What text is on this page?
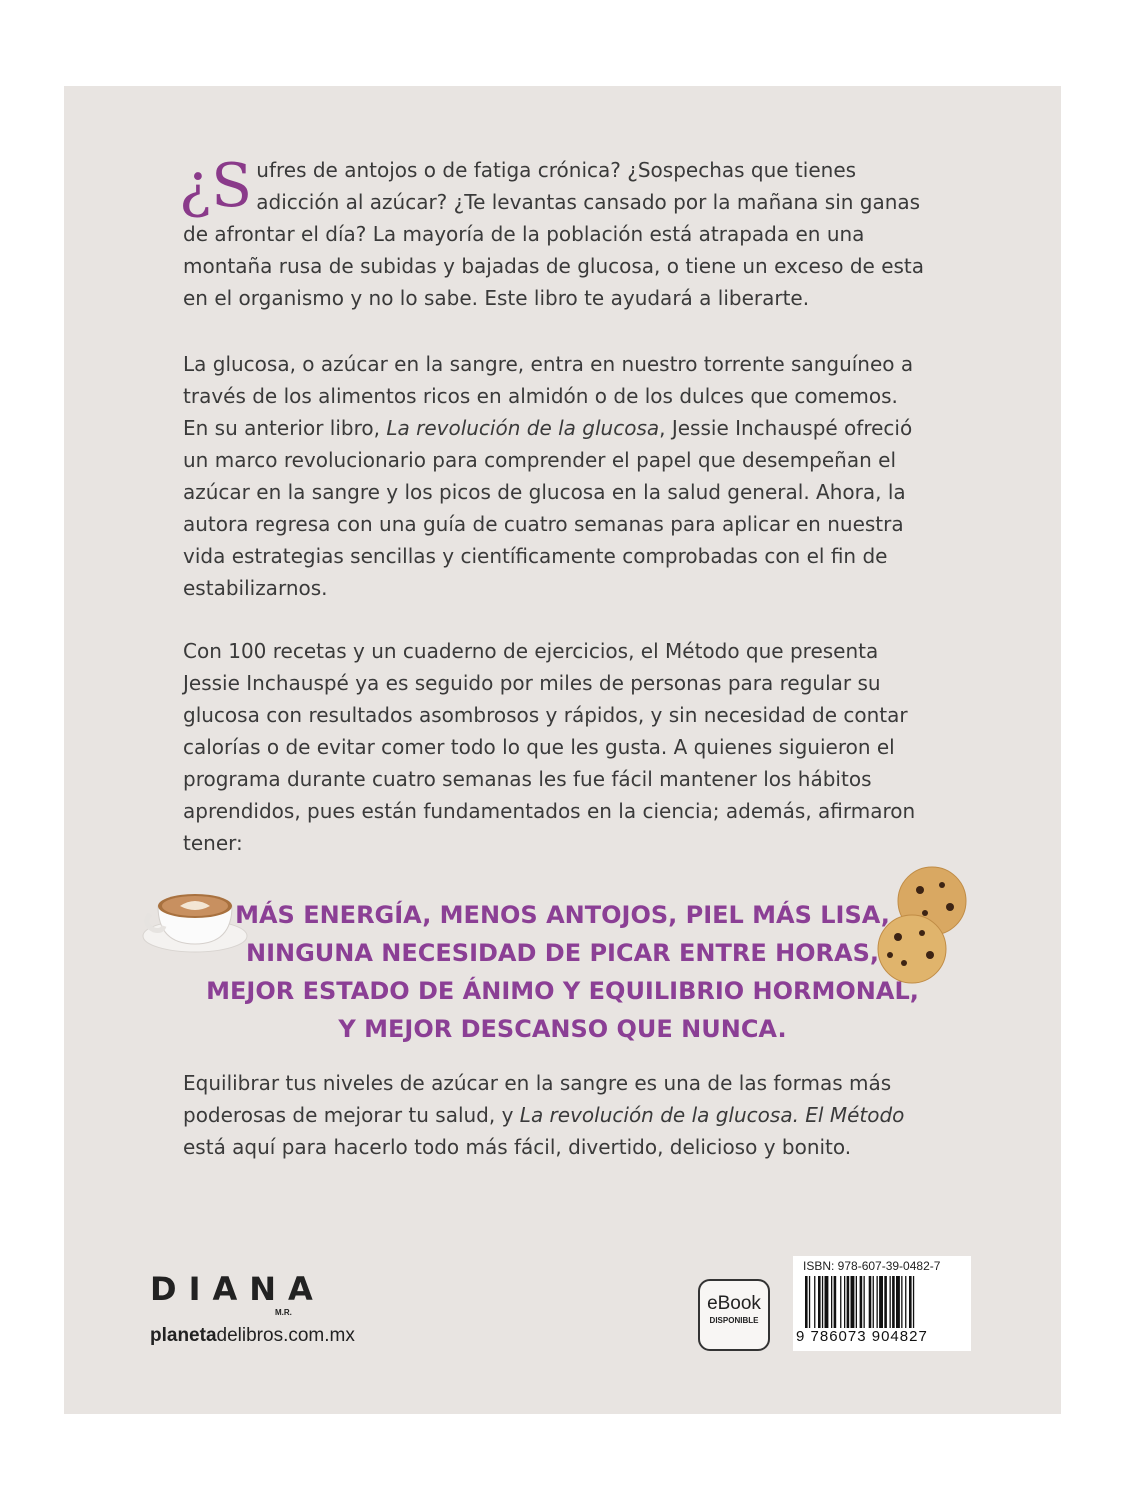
¿S ufres de antojos o de fatiga crónica? ¿Sospechas que tienes adicción al azúcar? ¿Te levantas cansado por la mañana sin ganas de afrontar el día? La mayoría de la población está atrapada en una montaña rusa de subidas y bajadas de glucosa, o tiene un exceso de esta en el organismo y no lo sabe. Este libro te ayudará a liberarte.
La glucosa, o azúcar en la sangre, entra en nuestro torrente sanguíneo a través de los alimentos ricos en almidón o de los dulces que comemos. En su anterior libro, La revolución de la glucosa, Jessie Inchauspé ofreció un marco revolucionario para comprender el papel que desempeñan el azúcar en la sangre y los picos de glucosa en la salud general. Ahora, la autora regresa con una guía de cuatro semanas para aplicar en nuestra vida estrategias sencillas y científicamente comprobadas con el fin de estabilizarnos.
Con 100 recetas y un cuaderno de ejercicios, el Método que presenta Jessie Inchauspé ya es seguido por miles de personas para regular su glucosa con resultados asombrosos y rápidos, y sin necesidad de contar calorías o de evitar comer todo lo que les gusta. A quienes siguieron el programa durante cuatro semanas les fue fácil mantener los hábitos aprendidos, pues están fundamentados en la ciencia; además, afirmaron tener:
MÁS ENERGÍA, MENOS ANTOJOS, PIEL MÁS LISA,
NINGUNA NECESIDAD DE PICAR ENTRE HORAS,
MEJOR ESTADO DE ÁNIMO Y EQUILIBRIO HORMONAL,
Y MEJOR DESCANSO QUE NUNCA.
Equilibrar tus niveles de azúcar en la sangre es una de las formas más poderosas de mejorar tu salud, y La revolución de la glucosa. El Método está aquí para hacerlo todo más fácil, divertido, delicioso y bonito.
DIANA
M.R.
planetadelibros.com.mx
eBook
DISPONIBLE
ISBN: 978-607-39-0482-7
9 786073 904827
